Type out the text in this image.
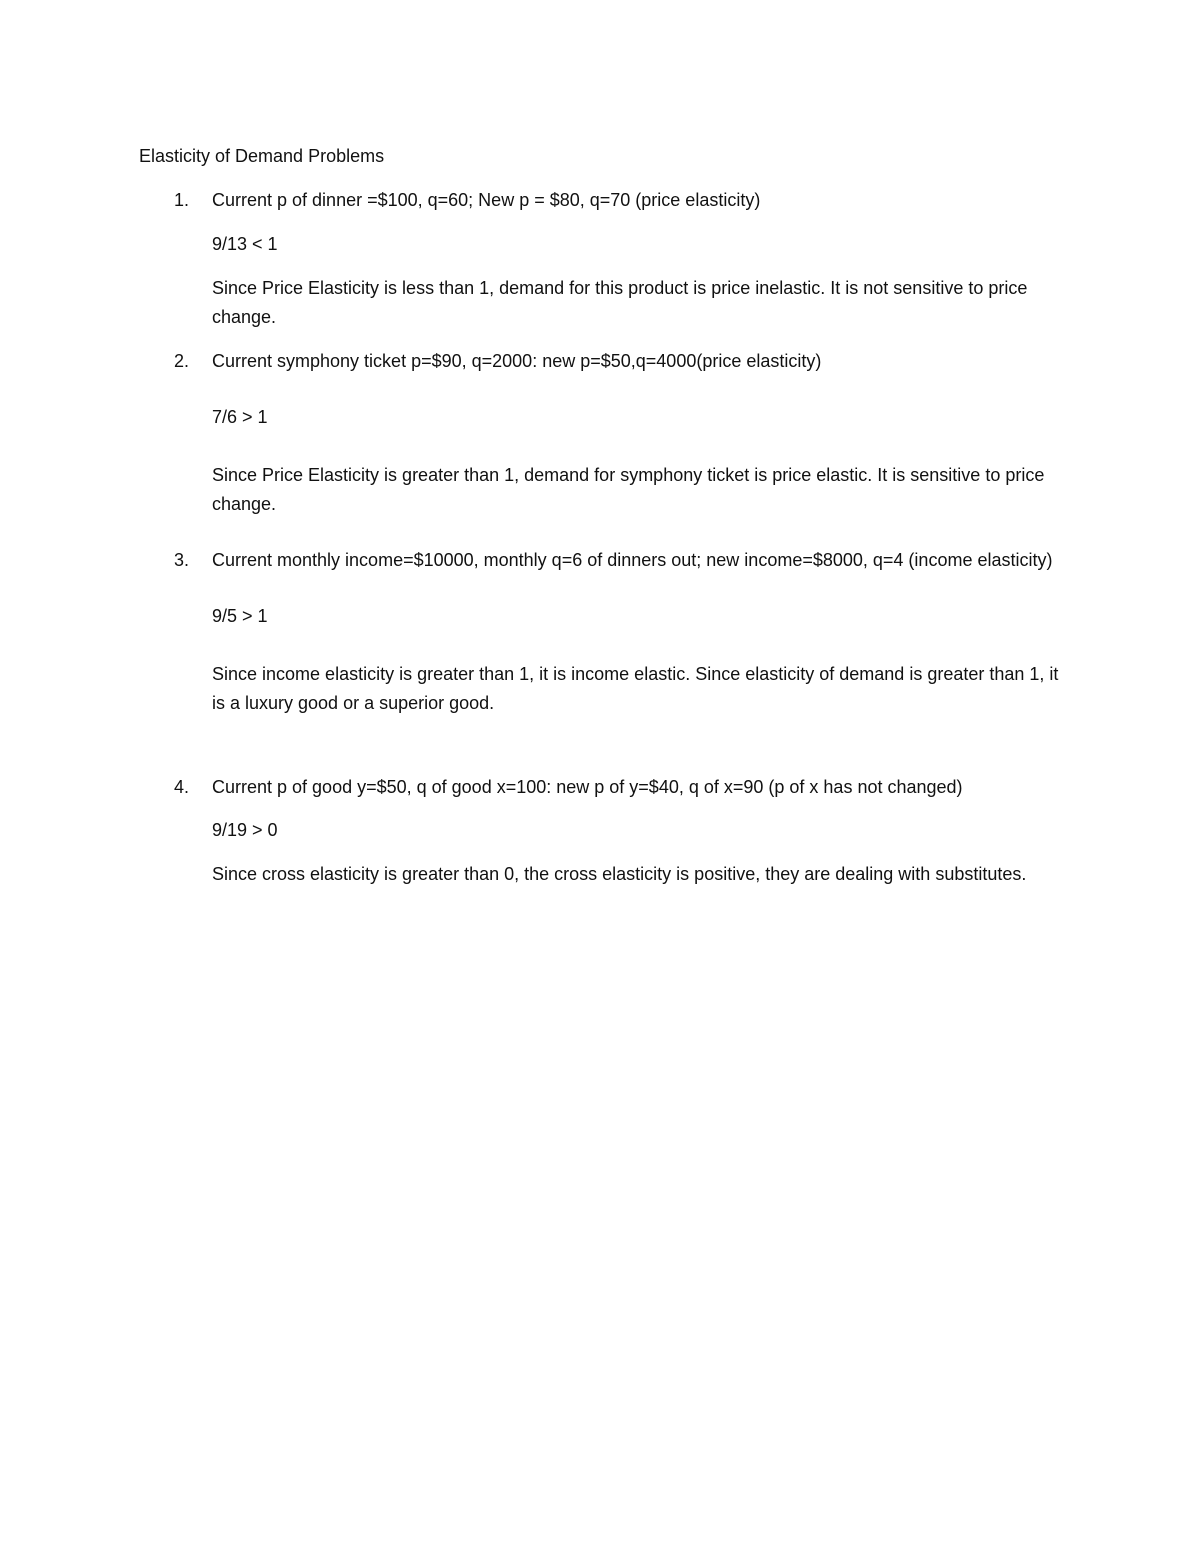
Elasticity of Demand Problems
1. Current p of dinner =$100, q=60; New p = $80, q=70 (price elasticity)

9/13 < 1

Since Price Elasticity is less than 1, demand for this product is price inelastic. It is not sensitive to price change.

2. Current symphony ticket p=$90, q=2000: new p=$50,q=4000(price elasticity)

7/6 > 1

Since Price Elasticity is greater than 1, demand for symphony ticket is price elastic. It is sensitive to price change.

3. Current monthly income=$10000, monthly q=6 of dinners out; new income=$8000, q=4 (income elasticity)

9/5 > 1

Since income elasticity is greater than 1, it is income elastic. Since elasticity of demand is greater than 1, it is a luxury good or a superior good.

4. Current p of good y=$50, q of good x=100: new p of y=$40, q of x=90 (p of x has not changed)

9/19 > 0

Since cross elasticity is greater than 0, the cross elasticity is positive, they are dealing with substitutes.
